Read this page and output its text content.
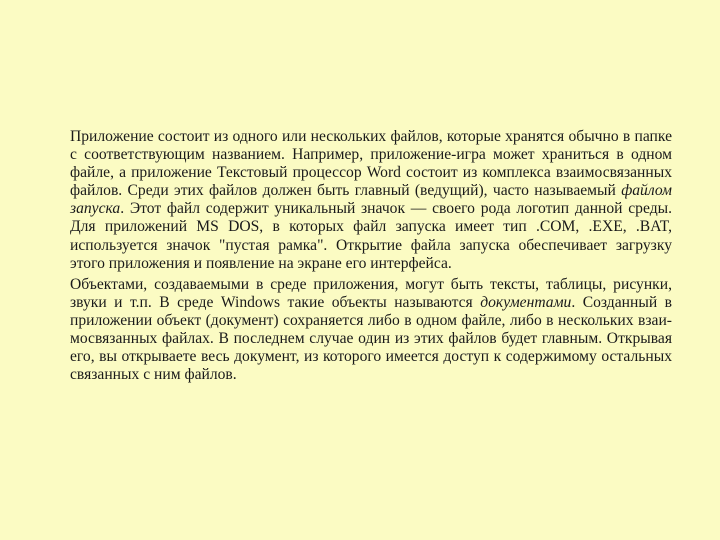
Приложение состоит из одного или нескольких файлов, которые хранятся обычно в папке с соответствующим названием. Например, приложение-игра может храниться в одном файле, а приложение Текстовый процессор Word состоит из комплекса взаимосвязанных файлов. Среди этих файлов должен быть главный (ведущий), часто называемый файлом запуска. Этот файл содержит уникальный значок — своего рода логотип данной среды. Для приложений MS DOS, в которых файл запуска имеет тип .COM, .EXE, .BAT, используется значок "пустая рамка". Открытие файла запуска обеспечивает загрузку этого приложения и появление на экране его интерфейса.

Объектами, создаваемыми в среде приложения, могут быть тексты, таблицы, рисунки, звуки и т.п. В среде Windows такие объекты называются документами. Созданный в приложении объект (документ) сохраняется либо в одном файле, либо в нескольких взаи-мосвязанных файлах. В последнем случае один из этих файлов будет главным. Открывая его, вы открываете весь документ, из которого имеется доступ к содержимому остальных связанных с ним файлов.
